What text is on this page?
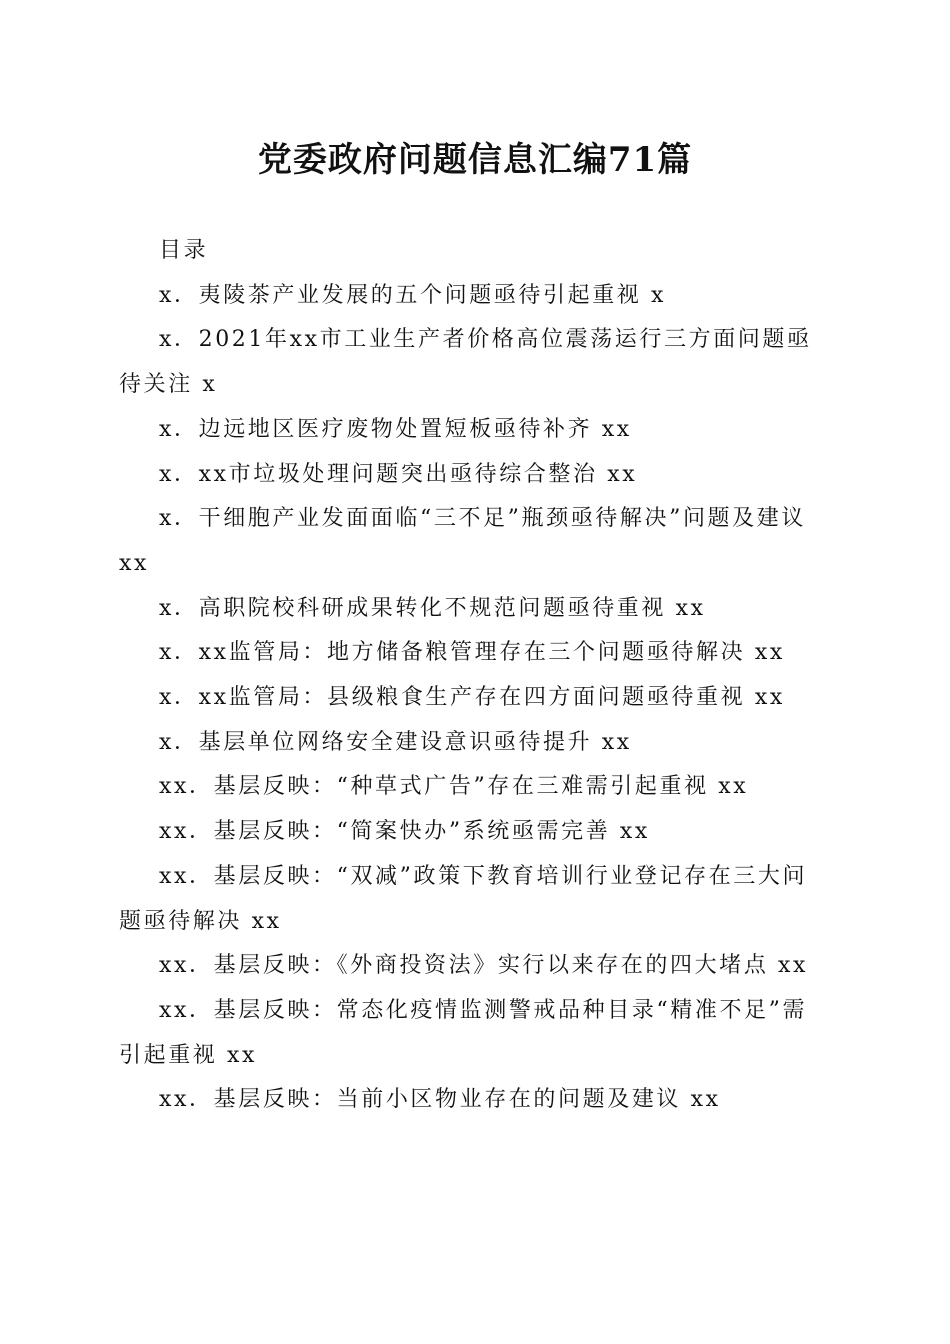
党委政府问题信息汇编71篇

目录

x．夷陵茶产业发展的五个问题亟待引起重视 x
x．2021年xx市工业生产者价格高位震荡运行三方面问题亟待关注 x
x．边远地区医疗废物处置短板亟待补齐 xx
x．xx市垃圾处理问题突出亟待综合整治 xx
x．干细胞产业发面面临“三不足”瓶颈亟待解决”问题及建议 xx
x．高职院校科研成果转化不规范问题亟待重视 xx
x．xx监管局：地方储备粮管理存在三个问题亟待解决 xx
x．xx监管局：县级粮食生产存在四方面问题亟待重视 xx
x．基层单位网络安全建设意识亟待提升 xx
xx．基层反映：“种草式广告”存在三难需引起重视 xx
xx．基层反映：“简案快办”系统亟需完善 xx
xx．基层反映：“双减”政策下教育培训行业登记存在三大问题亟待解决 xx
xx．基层反映：《外商投资法》实行以来存在的四大堵点 xx
xx．基层反映：常态化疫情监测警戒品种目录“精准不足”需引起重视 xx
xx．基层反映：当前小区物业存在的问题及建议 xx
